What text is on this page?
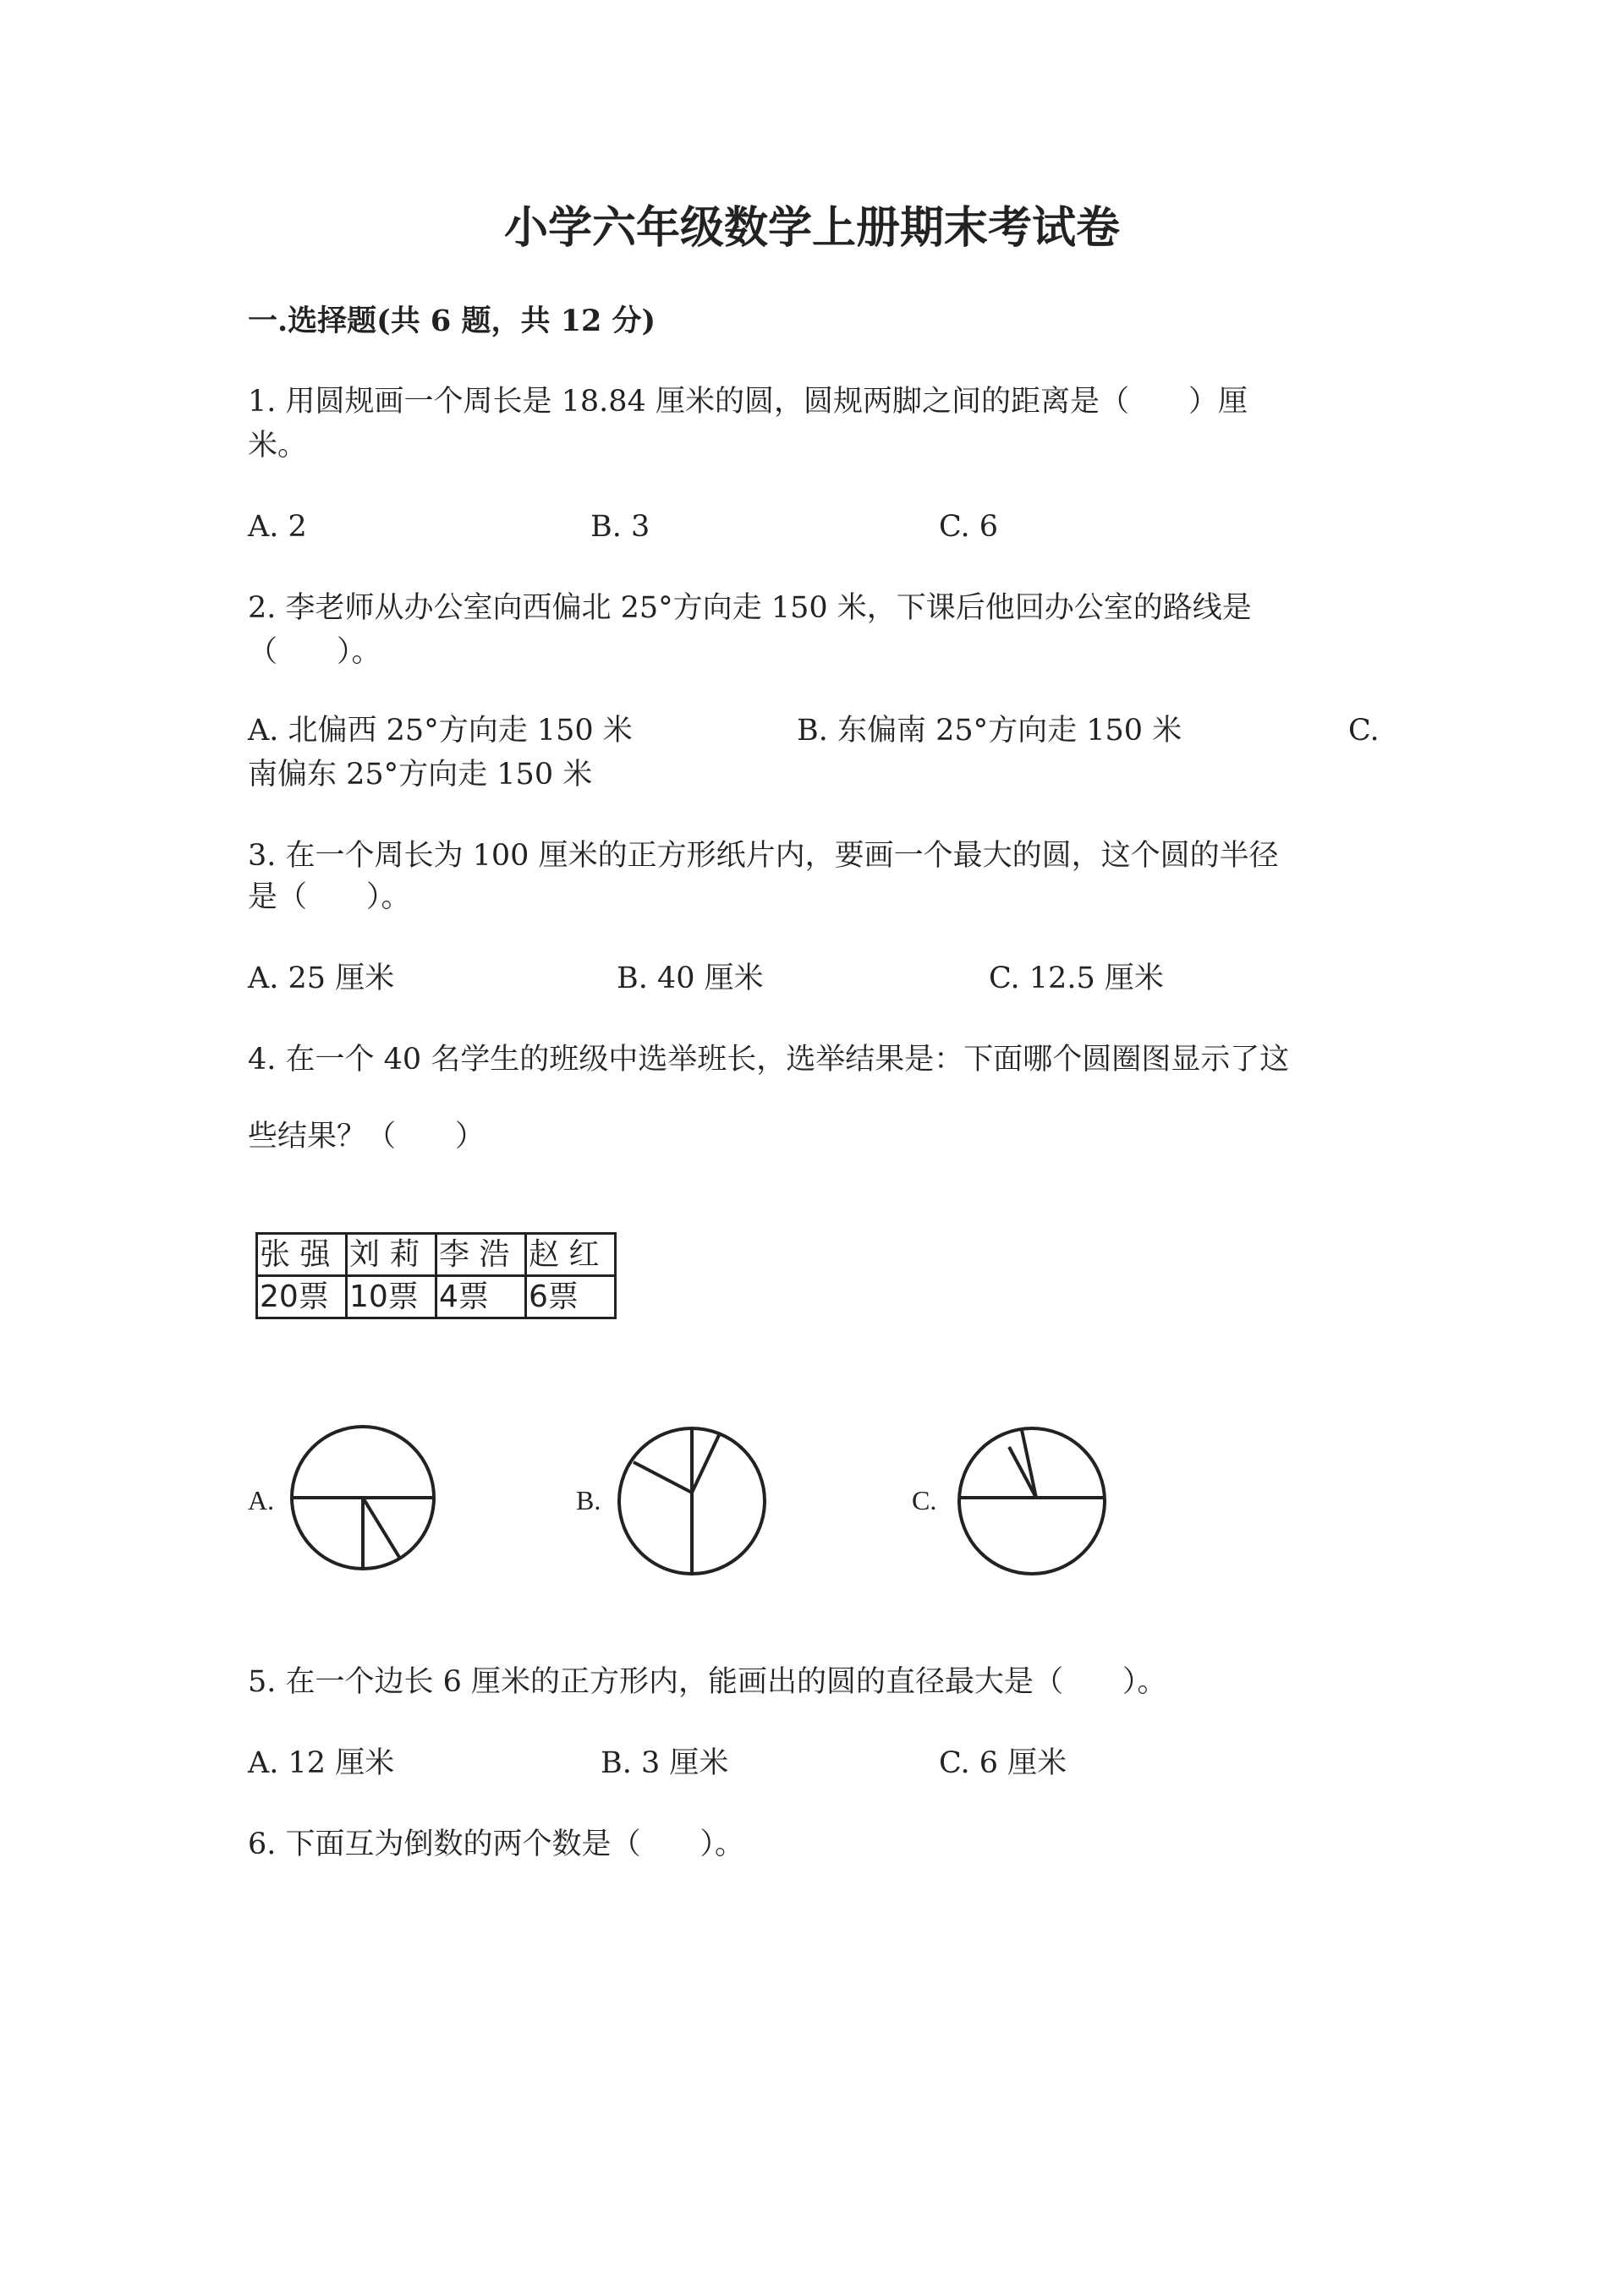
小学六年级数学上册期末考试卷
一.选择题(共 6 题，共 12 分)
1. 用圆规画一个周长是 18.84 厘米的圆，圆规两脚之间的距离是（　　）厘
米。
A. 2	B. 3	C. 6
2. 李老师从办公室向西偏北 25°方向走 150 米，下课后他回办公室的路线是
（　　）。
A. 北偏西 25°方向走 150 米	B. 东偏南 25°方向走 150 米	C.
南偏东 25°方向走 150 米
3. 在一个周长为 100 厘米的正方形纸片内，要画一个最大的圆，这个圆的半径
是（　　）。
A. 25 厘米	B. 40 厘米	C. 12.5 厘米
4. 在一个 40 名学生的班级中选举班长，选举结果是：下面哪个圆圈图显示了这
些结果？（　　）
张 强	刘 莉	李 浩	赵 红
20票	10票	4票	6票
A.	B.	C.
5. 在一个边长 6 厘米的正方形内，能画出的圆的直径最大是（　　）。
A. 12 厘米	B. 3 厘米	C. 6 厘米
6. 下面互为倒数的两个数是（　　）。
